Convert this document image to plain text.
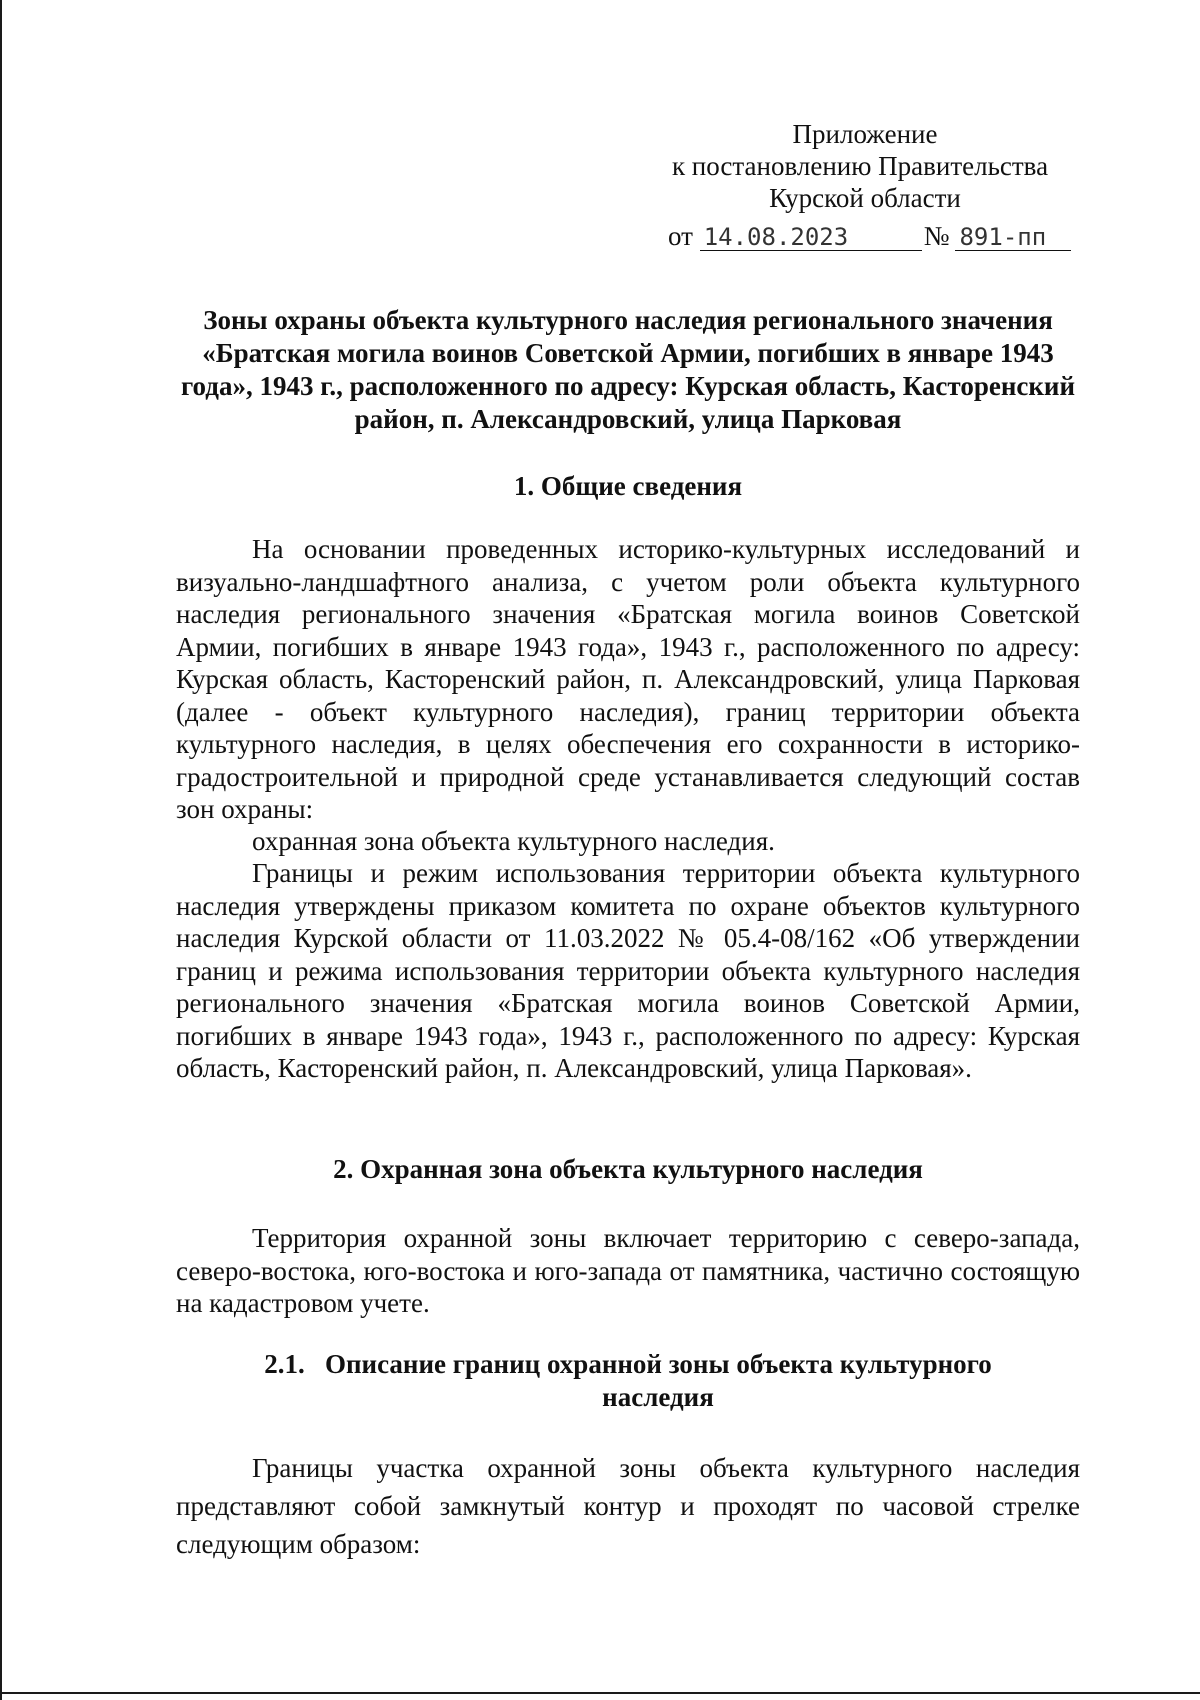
Приложение
к постановлению Правительства
Курской области
от 14.08.2023	№ 891-пп
Зоны охраны объекта культурного наследия регионального значения «Братская могила воинов Советской Армии, погибших в январе 1943 года», 1943 г., расположенного по адресу: Курская область, Касторенский район, п. Александровский, улица Парковая
1. Общие сведения

На основании проведенных историко-культурных исследований и визуально-ландшафтного анализа, с учетом роли объекта культурного наследия регионального значения «Братская могила воинов Советской Армии, погибших в январе 1943 года», 1943 г., расположенного по адресу: Курская область, Касторенский район, п. Александровский, улица Парковая (далее - объект культурного наследия), границ территории объекта культурного наследия, в целях обеспечения его сохранности в историко-градостроительной и природной среде устанавливается следующий состав зон охраны:

охранная зона объекта культурного наследия.

Границы и режим использования территории объекта культурного наследия утверждены приказом комитета по охране объектов культурного наследия Курской области от 11.03.2022 № 05.4-08/162 «Об утверждении границ и режима использования территории объекта культурного наследия регионального значения «Братская могила воинов Советской Армии, погибших в январе 1943 года», 1943 г., расположенного по адресу: Курская область, Касторенский район, п. Александровский, улица Парковая».

2. Охранная зона объекта культурного наследия

Территория охранной зоны включает территорию с северо-запада, северо-востока, юго-востока и юго-запада от памятника, частично состоящую на кадастровом учете.

2.1.   Описание границ охранной зоны объекта культурного
наследия

Границы участка охранной зоны объекта культурного наследия представляют собой замкнутый контур и проходят по часовой стрелке следующим образом:
